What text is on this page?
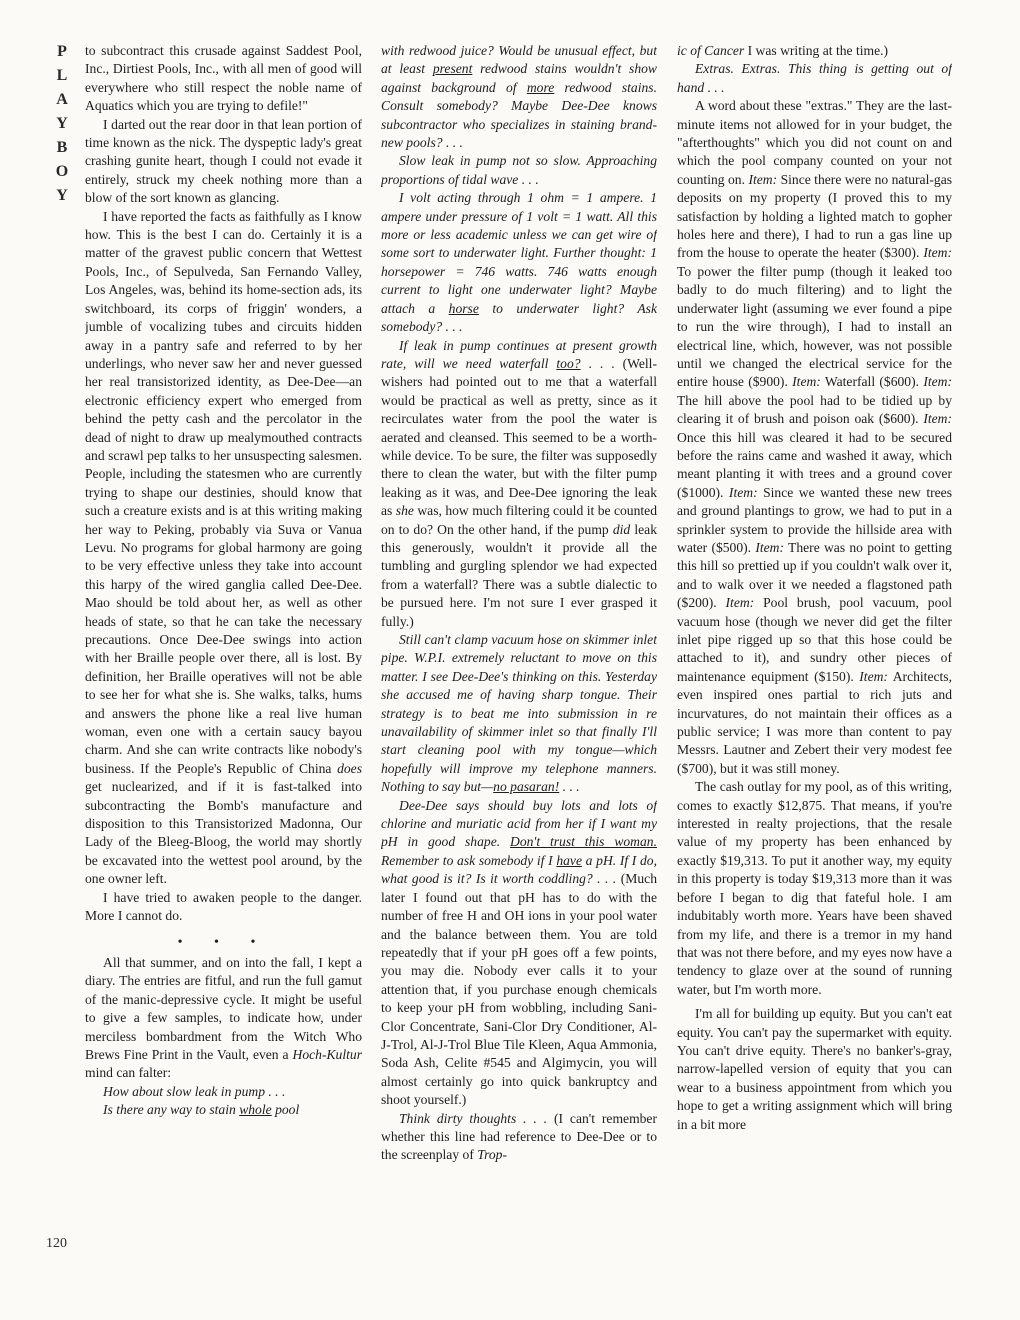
P
L
A
Y
B
O
Y
120

to subcontract this crusade against Saddest Pool, Inc., Dirtiest Pools, Inc., with all men of good will everywhere who still respect the noble name of Aquatics which you are trying to defile!"

I darted out the rear door in that lean portion of time known as the nick. The dyspeptic lady's great crashing gunite heart, though I could not evade it entirely, struck my cheek nothing more than a blow of the sort known as glancing.

I have reported the facts as faithfully as I know how. This is the best I can do. Certainly it is a matter of the gravest public concern that Wettest Pools, Inc., of Sepulveda, San Fernando Valley, Los Angeles, was, behind its home-section ads, its switchboard, its corps of friggin' wonders, a jumble of vocalizing tubes and circuits hidden away in a pantry safe and referred to by her underlings, who never saw her and never guessed her real transistorized identity, as Dee-Dee—an electronic efficiency expert who emerged from behind the petty cash and the percolator in the dead of night to draw up mealymouthed contracts and scrawl pep talks to her unsuspecting salesmen. People, including the statesmen who are currently trying to shape our destinies, should know that such a creature exists and is at this writing making her way to Peking, probably via Suva or Vanua Levu. No programs for global harmony are going to be very effective unless they take into account this harpy of the wired ganglia called Dee-Dee. Mao should be told about her, as well as other heads of state, so that he can take the necessary precautions. Once Dee-Dee swings into action with her Braille people over there, all is lost. By definition, her Braille operatives will not be able to see her for what she is. She walks, talks, hums and answers the phone like a real live human woman, even one with a certain saucy bayou charm. And she can write contracts like nobody's business. If the People's Republic of China does get nuclearized, and if it is fast-talked into subcontracting the Bomb's manufacture and disposition to this Transistorized Madonna, Our Lady of the Bleeg-Bloog, the world may shortly be excavated into the wettest pool around, by the one owner left.

I have tried to awaken people to the danger. More I cannot do.

• • •

All that summer, and on into the fall, I kept a diary. The entries are fitful, and run the full gamut of the manic-depressive cycle. It might be useful to give a few samples, to indicate how, under merciless bombardment from the Witch Who Brews Fine Print in the Vault, even a Hoch-Kultur mind can falter:

How about slow leak in pump . . .

Is there any way to stain whole pool

with redwood juice? Would be unusual effect, but at least present redwood stains wouldn't show against background of more redwood stains. Consult somebody? Maybe Dee-Dee knows subcontractor who specializes in staining brand-new pools? . . .

Slow leak in pump not so slow. Approaching proportions of tidal wave . . .

I volt acting through 1 ohm = 1 ampere. 1 ampere under pressure of 1 volt = 1 watt. All this more or less academic unless we can get wire of some sort to underwater light. Further thought: 1 horsepower = 746 watts. 746 watts enough current to light one underwater light? Maybe attach a horse to underwater light? Ask somebody? . . .

If leak in pump continues at present growth rate, will we need waterfall too? . . . (Well-wishers had pointed out to me that a waterfall would be practical as well as pretty, since as it recirculates water from the pool the water is aerated and cleansed. This seemed to be a worth-while device. To be sure, the filter was supposedly there to clean the water, but with the filter pump leaking as it was, and Dee-Dee ignoring the leak as she was, how much filtering could it be counted on to do? On the other hand, if the pump did leak this generously, wouldn't it provide all the tumbling and gurgling splendor we had expected from a waterfall? There was a subtle dialectic to be pursued here. I'm not sure I ever grasped it fully.)

Still can't clamp vacuum hose on skimmer inlet pipe. W.P.I. extremely reluctant to move on this matter. I see Dee-Dee's thinking on this. Yesterday she accused me of having sharp tongue. Their strategy is to beat me into submission in re unavailability of skimmer inlet so that finally I'll start cleaning pool with my tongue—which hopefully will improve my telephone manners. Nothing to say but—no pasaran! . . .

Dee-Dee says should buy lots and lots of chlorine and muriatic acid from her if I want my pH in good shape. Don't trust this woman. Remember to ask somebody if I have a pH. If I do, what good is it? Is it worth coddling? . . . (Much later I found out that pH has to do with the number of free H and OH ions in your pool water and the balance between them. You are told repeatedly that if your pH goes off a few points, you may die. Nobody ever calls it to your attention that, if you purchase enough chemicals to keep your pH from wobbling, including Sani-Clor Concentrate, Sani-Clor Dry Conditioner, Al-J-Trol, Al-J-Trol Blue Tile Kleen, Aqua Ammonia, Soda Ash, Celite #545 and Algimycin, you will almost certainly go into quick bankruptcy and shoot yourself.)

Think dirty thoughts . . . (I can't remember whether this line had reference to Dee-Dee or to the screenplay of Trop-

ic of Cancer I was writing at the time.)

Extras. Extras. This thing is getting out of hand . . .

A word about these "extras." They are the last-minute items not allowed for in your budget, the "afterthoughts" which you did not count on and which the pool company counted on your not counting on. Item: Since there were no natural-gas deposits on my property (I proved this to my satisfaction by holding a lighted match to gopher holes here and there), I had to run a gas line up from the house to operate the heater ($300). Item: To power the filter pump (though it leaked too badly to do much filtering) and to light the underwater light (assuming we ever found a pipe to run the wire through), I had to install an electrical line, which, however, was not possible until we changed the electrical service for the entire house ($900). Item: Waterfall ($600). Item: The hill above the pool had to be tidied up by clearing it of brush and poison oak ($600). Item: Once this hill was cleared it had to be secured before the rains came and washed it away, which meant planting it with trees and a ground cover ($1000). Item: Since we wanted these new trees and ground plantings to grow, we had to put in a sprinkler system to provide the hillside area with water ($500). Item: There was no point to getting this hill so prettied up if you couldn't walk over it, and to walk over it we needed a flagstoned path ($200). Item: Pool brush, pool vacuum, pool vacuum hose (though we never did get the filter inlet pipe rigged up so that this hose could be attached to it), and sundry other pieces of maintenance equipment ($150). Item: Architects, even inspired ones partial to rich juts and incurvatures, do not maintain their offices as a public service; I was more than content to pay Messrs. Lautner and Zebert their very modest fee ($700), but it was still money.

The cash outlay for my pool, as of this writing, comes to exactly $12,875. That means, if you're interested in realty projections, that the resale value of my property has been enhanced by exactly $19,313. To put it another way, my equity in this property is today $19,313 more than it was before I began to dig that fateful hole. I am indubitably worth more. Years have been shaved from my life, and there is a tremor in my hand that was not there before, and my eyes now have a tendency to glaze over at the sound of running water, but I'm worth more.

I'm all for building up equity. But you can't eat equity. You can't pay the supermarket with equity. You can't drive equity. There's no banker's-gray, narrow-lapelled version of equity that you can wear to a business appointment from which you hope to get a writing assignment which will bring in a bit more
